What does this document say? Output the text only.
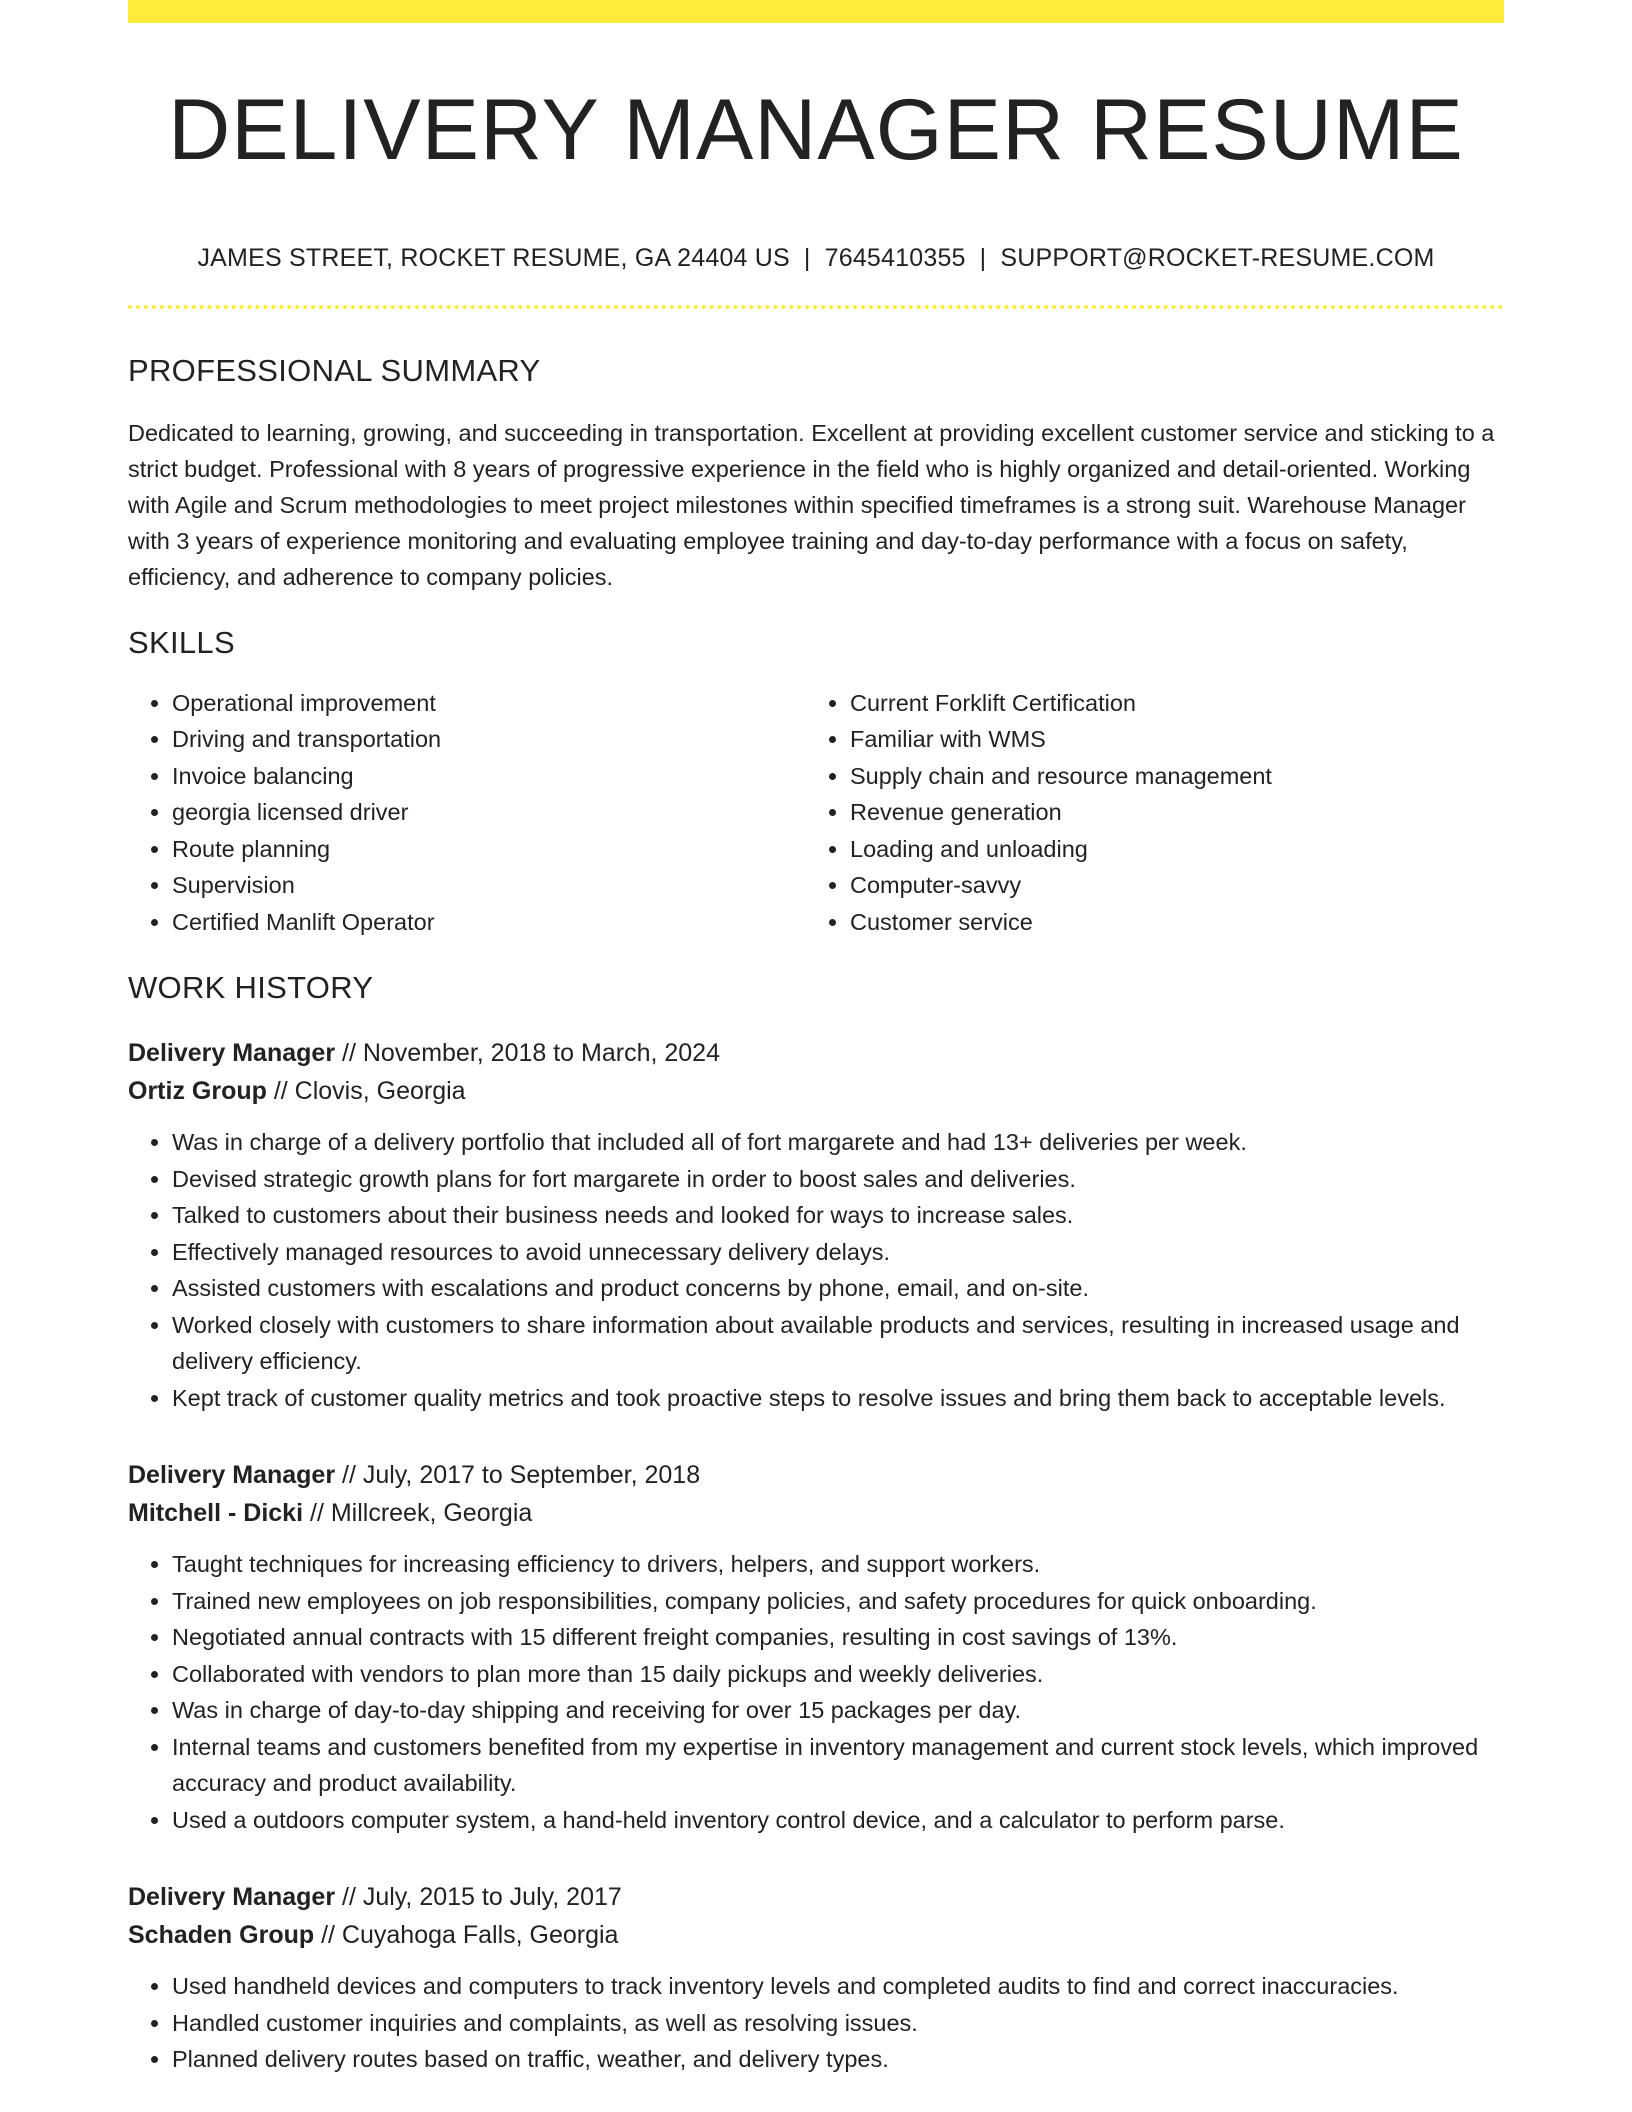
DELIVERY MANAGER RESUME
JAMES STREET, ROCKET RESUME, GA 24404 US | 7645410355 | SUPPORT@ROCKET-RESUME.COM
PROFESSIONAL SUMMARY

Dedicated to learning, growing, and succeeding in transportation. Excellent at providing excellent customer service and sticking to a strict budget. Professional with 8 years of progressive experience in the field who is highly organized and detail-oriented. Working with Agile and Scrum methodologies to meet project milestones within specified timeframes is a strong suit. Warehouse Manager with 3 years of experience monitoring and evaluating employee training and day-to-day performance with a focus on safety, efficiency, and adherence to company policies.

SKILLS
• Operational improvement
• Driving and transportation
• Invoice balancing
• georgia licensed driver
• Route planning
• Supervision
• Certified Manlift Operator
• Current Forklift Certification
• Familiar with WMS
• Supply chain and resource management
• Revenue generation
• Loading and unloading
• Computer-savvy
• Customer service
WORK HISTORY
Delivery Manager // November, 2018 to March, 2024
Ortiz Group // Clovis, Georgia
• Was in charge of a delivery portfolio that included all of fort margarete and had 13+ deliveries per week.
• Devised strategic growth plans for fort margarete in order to boost sales and deliveries.
• Talked to customers about their business needs and looked for ways to increase sales.
• Effectively managed resources to avoid unnecessary delivery delays.
• Assisted customers with escalations and product concerns by phone, email, and on-site.
• Worked closely with customers to share information about available products and services, resulting in increased usage and delivery efficiency.
• Kept track of customer quality metrics and took proactive steps to resolve issues and bring them back to acceptable levels.
Delivery Manager // July, 2017 to September, 2018
Mitchell - Dicki // Millcreek, Georgia
• Taught techniques for increasing efficiency to drivers, helpers, and support workers.
• Trained new employees on job responsibilities, company policies, and safety procedures for quick onboarding.
• Negotiated annual contracts with 15 different freight companies, resulting in cost savings of 13%.
• Collaborated with vendors to plan more than 15 daily pickups and weekly deliveries.
• Was in charge of day-to-day shipping and receiving for over 15 packages per day.
• Internal teams and customers benefited from my expertise in inventory management and current stock levels, which improved accuracy and product availability.
• Used a outdoors computer system, a hand-held inventory control device, and a calculator to perform parse.
Delivery Manager // July, 2015 to July, 2017
Schaden Group // Cuyahoga Falls, Georgia
• Used handheld devices and computers to track inventory levels and completed audits to find and correct inaccuracies.
• Handled customer inquiries and complaints, as well as resolving issues.
• Planned delivery routes based on traffic, weather, and delivery types.
